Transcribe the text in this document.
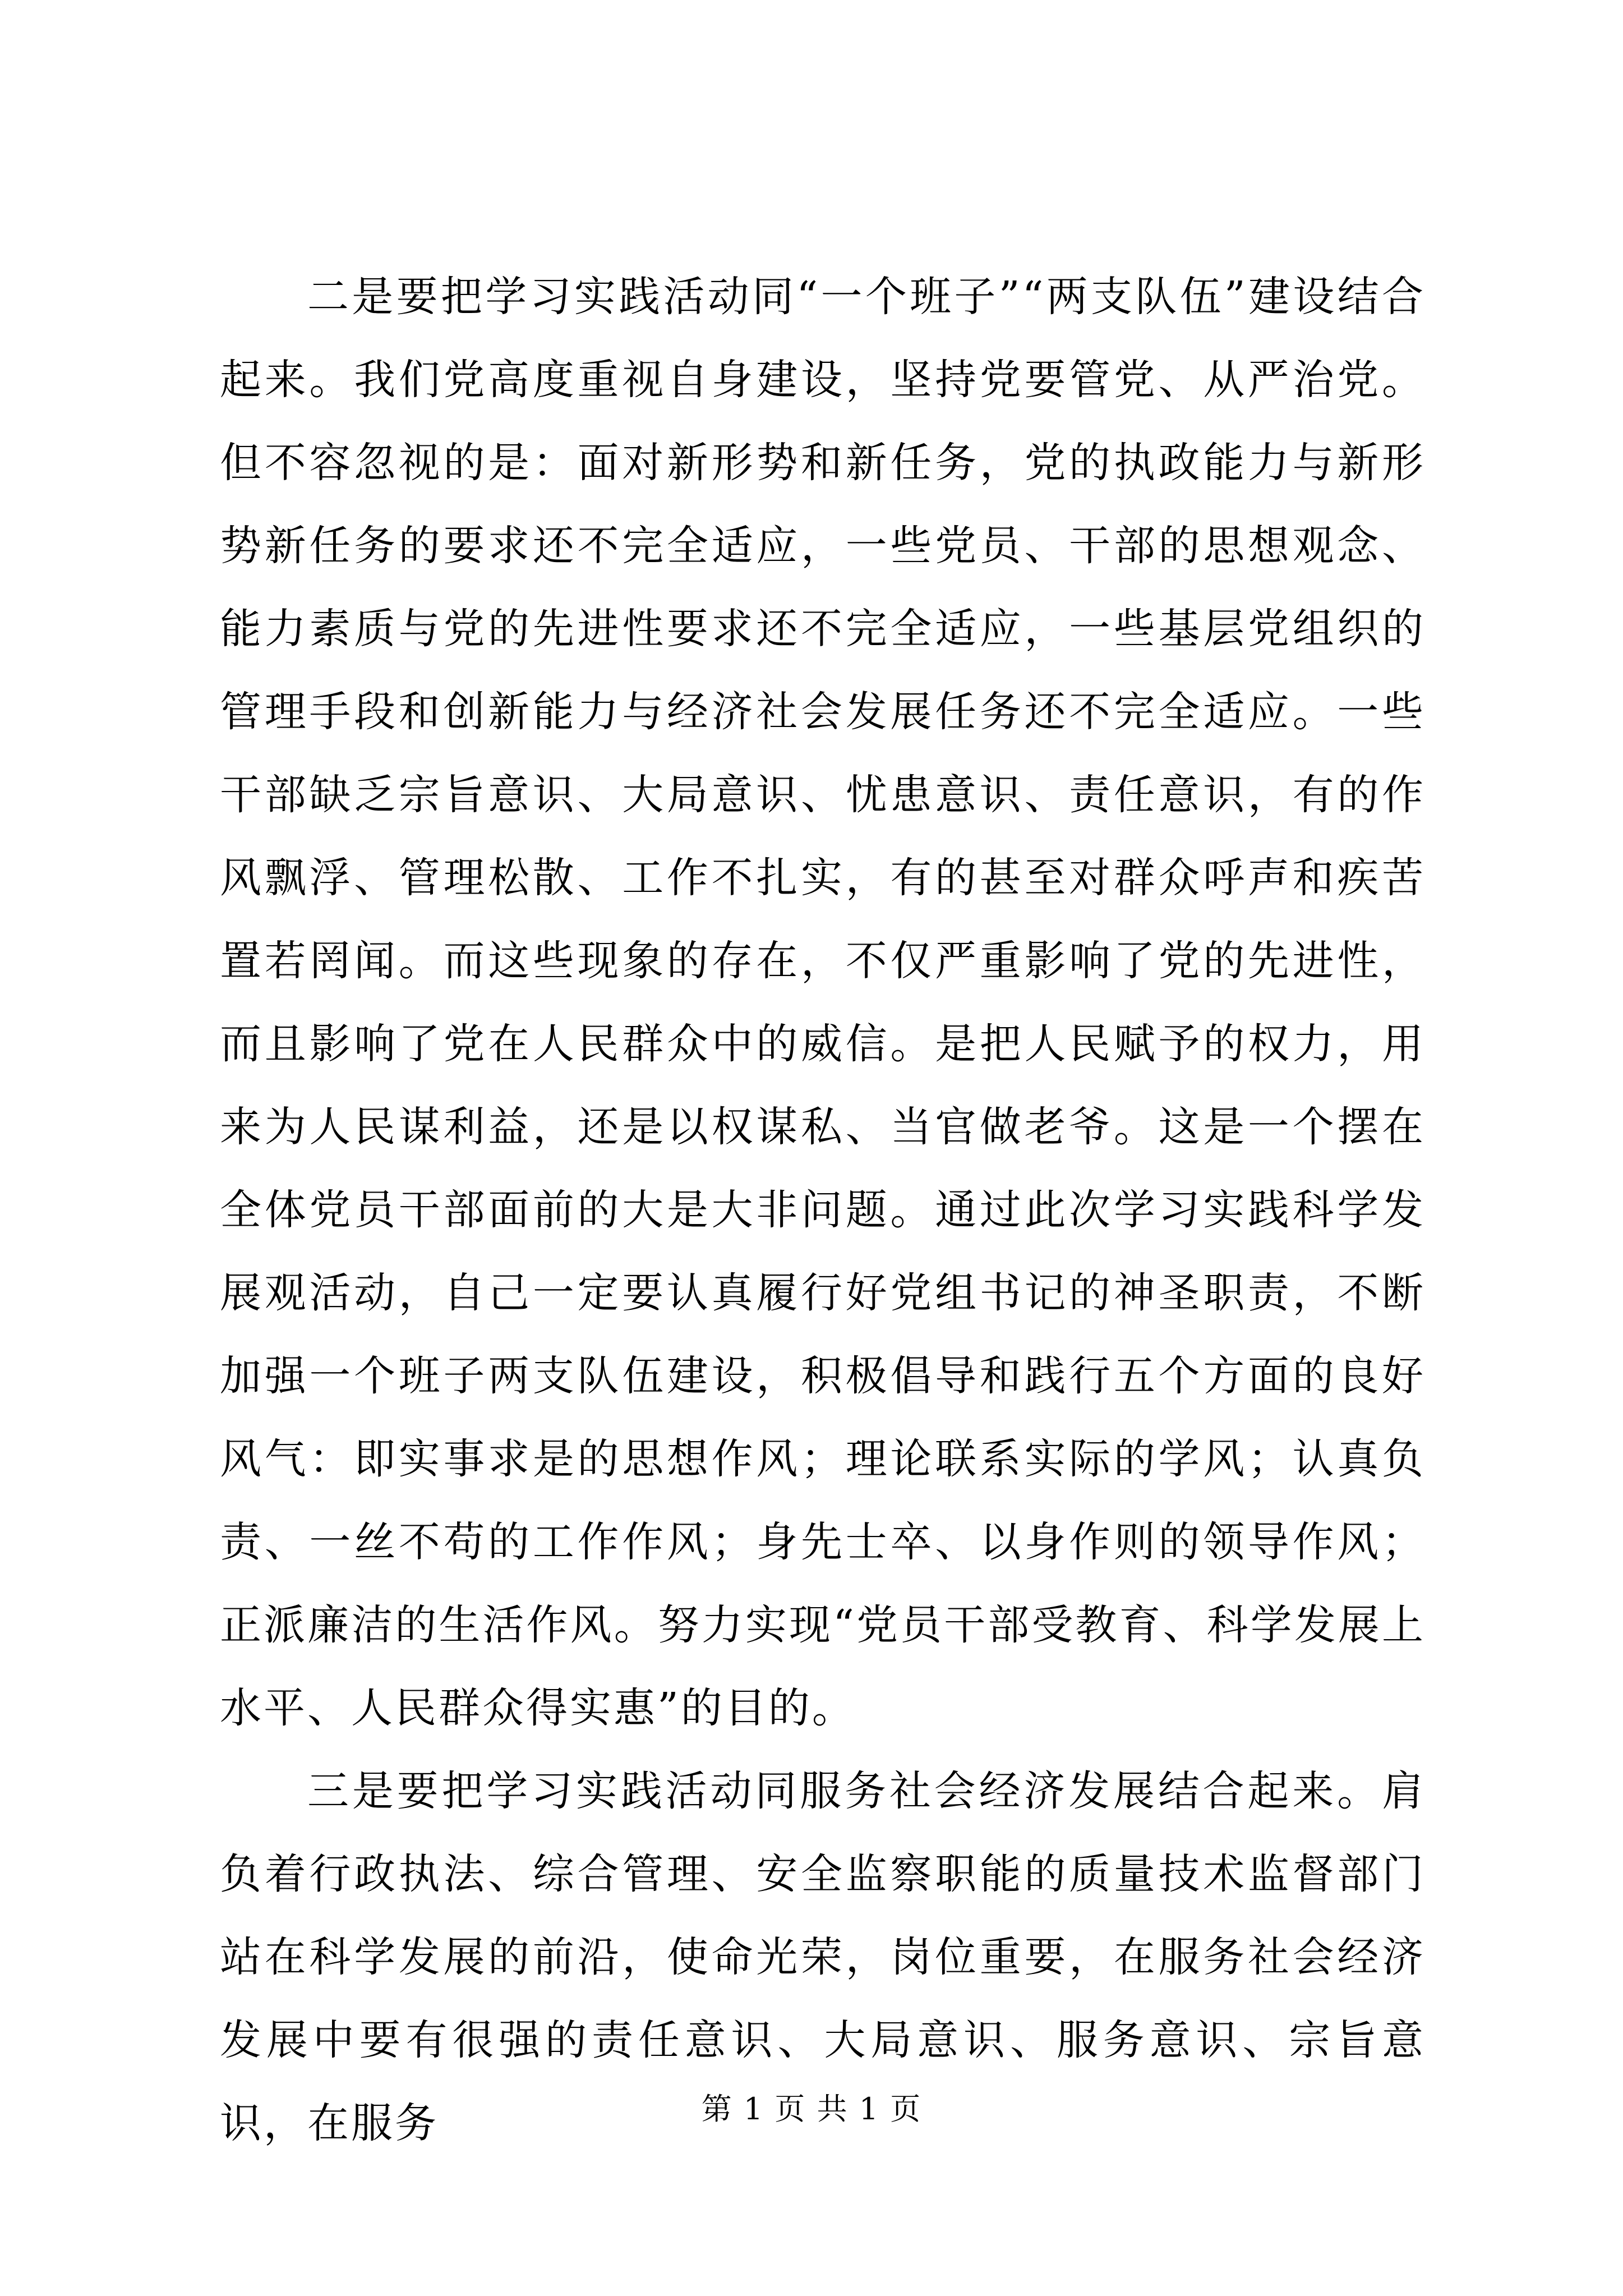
二是要把学习实践活动同“一个班子”“两支队伍”建设结合起来。我们党高度重视自身建设，坚持党要管党、从严治党。但不容忽视的是：面对新形势和新任务，党的执政能力与新形势新任务的要求还不完全适应，一些党员、干部的思想观念、能力素质与党的先进性要求还不完全适应，一些基层党组织的管理手段和创新能力与经济社会发展任务还不完全适应。一些干部缺乏宗旨意识、大局意识、忧患意识、责任意识，有的作风飘浮、管理松散、工作不扎实，有的甚至对群众呼声和疾苦置若罔闻。而这些现象的存在，不仅严重影响了党的先进性，而且影响了党在人民群众中的威信。是把人民赋予的权力，用来为人民谋利益，还是以权谋私、当官做老爷。这是一个摆在全体党员干部面前的大是大非问题。通过此次学习实践科学发展观活动，自己一定要认真履行好党组书记的神圣职责，不断加强一个班子两支队伍建设，积极倡导和践行五个方面的良好风气：即实事求是的思想作风；理论联系实际的学风；认真负责、一丝不苟的工作作风；身先士卒、以身作则的领导作风；正派廉洁的生活作风。努力实现“党员干部受教育、科学发展上水平、人民群众得实惠”的目的。

三是要把学习实践活动同服务社会经济发展结合起来。肩负着行政执法、综合管理、安全监察职能的质量技术监督部门站在科学发展的前沿，使命光荣，岗位重要，在服务社会经济发展中要有很强的责任意识、大局意识、服务意识、宗旨意识，在服务	第 1 页 共 1 页
